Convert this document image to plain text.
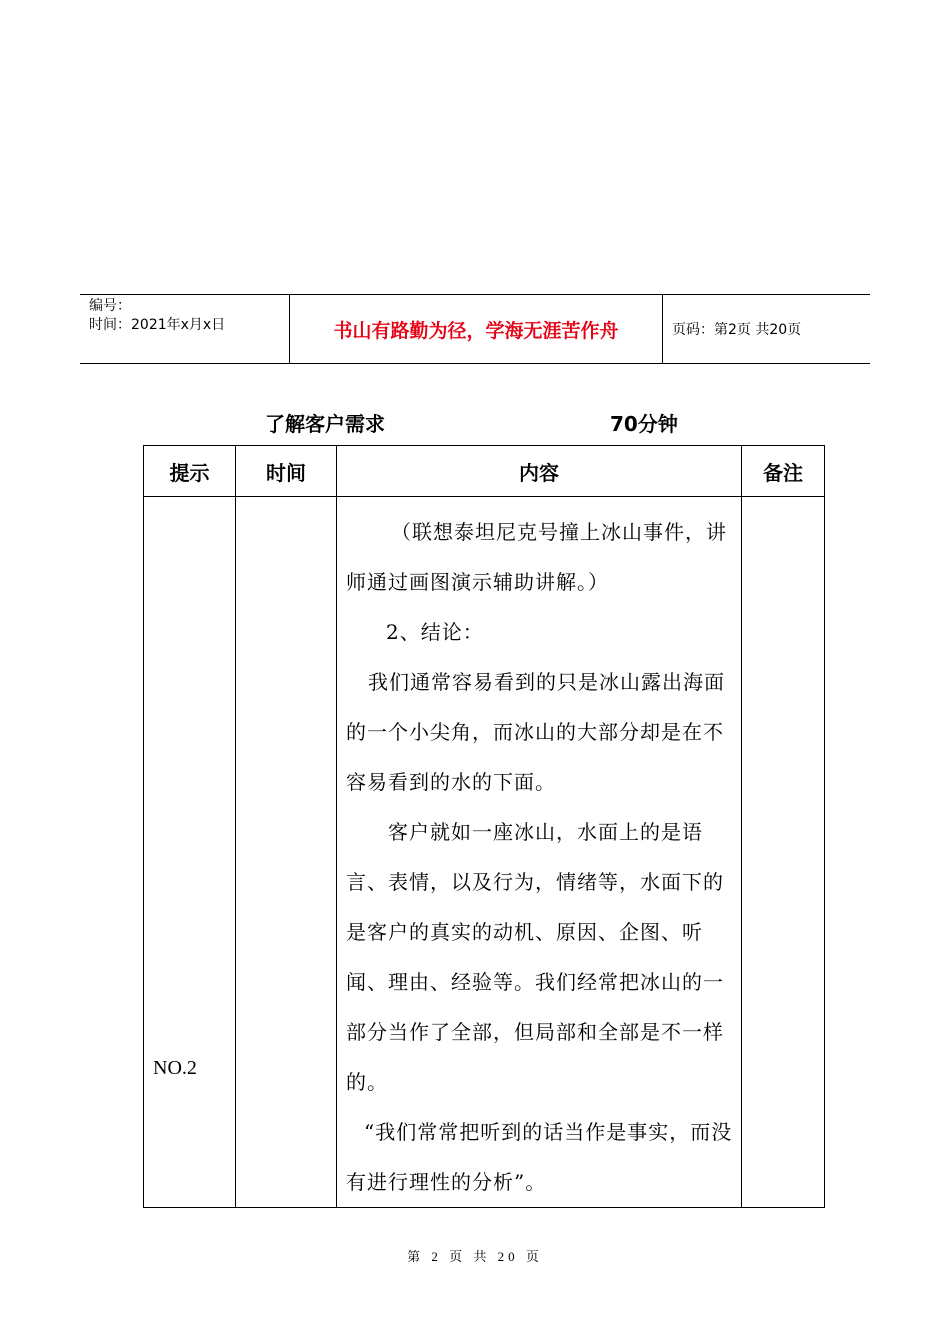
编号：
时间：2021年x月x日	书山有路勤为径，学海无涯苦作舟	页码：第2页 共20页
了解客户需求	70分钟
提示	时间	内容	备注

NO.2		（联想泰坦尼克号撞上冰山事件，讲师通过画图演示辅助讲解。）

2、结论：

我们通常容易看到的只是冰山露出海面的一个小尖角，而冰山的大部分却是在不容易看到的水的下面。

客户就如一座冰山，水面上的是语言、表情，以及行为，情绪等，水面下的是客户的真实的动机、原因、企图、听闻、理由、经验等。我们经常把冰山的一部分当作了全部，但局部和全部是不一样的。

“我们常常把听到的话当作是事实，而没有进行理性的分析”。	

第 2 页 共 20 页
